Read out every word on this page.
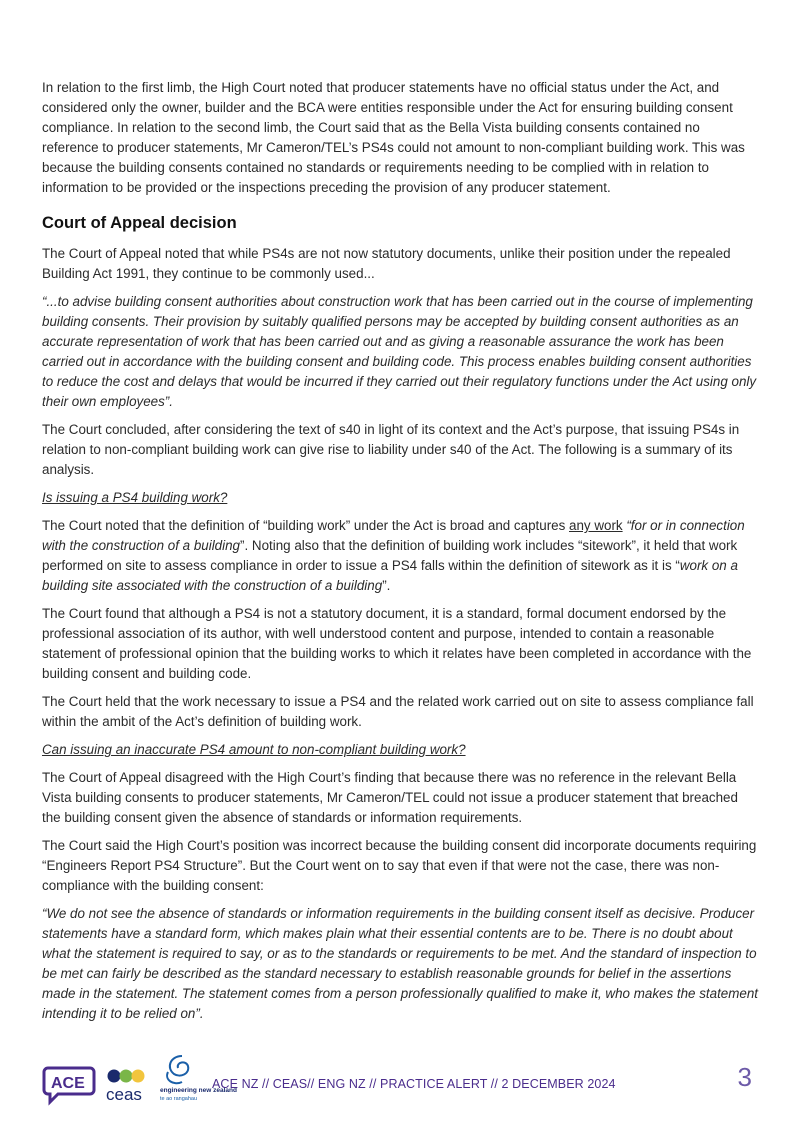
In relation to the first limb, the High Court noted that producer statements have no official status under the Act, and considered only the owner, builder and the BCA were entities responsible under the Act for ensuring building consent compliance. In relation to the second limb, the Court said that as the Bella Vista building consents contained no reference to producer statements, Mr Cameron/TEL’s PS4s could not amount to non-compliant building work. This was because the building consents contained no standards or requirements needing to be complied with in relation to information to be provided or the inspections preceding the provision of any producer statement.

Court of Appeal decision

The Court of Appeal noted that while PS4s are not now statutory documents, unlike their position under the repealed Building Act 1991, they continue to be commonly used...

“...to advise building consent authorities about construction work that has been carried out in the course of implementing building consents. Their provision by suitably qualified persons may be accepted by building consent authorities as an accurate representation of work that has been carried out and as giving a reasonable assurance the work has been carried out in accordance with the building consent and building code. This process enables building consent authorities to reduce the cost and delays that would be incurred if they carried out their regulatory functions under the Act using only their own employees”.

The Court concluded, after considering the text of s40 in light of its context and the Act’s purpose, that issuing PS4s in relation to non-compliant building work can give rise to liability under s40 of the Act. The following is a summary of its analysis.

Is issuing a PS4 building work?

The Court noted that the definition of “building work” under the Act is broad and captures any work “for or in connection with the construction of a building”. Noting also that the definition of building work includes “sitework”, it held that work performed on site to assess compliance in order to issue a PS4 falls within the definition of sitework as it is “work on a building site associated with the construction of a building”.

The Court found that although a PS4 is not a statutory document, it is a standard, formal document endorsed by the professional association of its author, with well understood content and purpose, intended to contain a reasonable statement of professional opinion that the building works to which it relates have been completed in accordance with the building consent and building code.

The Court held that the work necessary to issue a PS4 and the related work carried out on site to assess compliance fall within the ambit of the Act’s definition of building work.

Can issuing an inaccurate PS4 amount to non-compliant building work?

The Court of Appeal disagreed with the High Court’s finding that because there was no reference in the relevant Bella Vista building consents to producer statements, Mr Cameron/TEL could not issue a producer statement that breached the building consent given the absence of standards or information requirements.

The Court said the High Court’s position was incorrect because the building consent did incorporate documents requiring “Engineers Report PS4 Structure”. But the Court went on to say that even if that were not the case, there was non-compliance with the building consent:

“We do not see the absence of standards or information requirements in the building consent itself as decisive. Producer statements have a standard form, which makes plain what their essential contents are to be. There is no doubt about what the statement is required to say, or as to the standards or requirements to be met. And the standard of inspection to be met can fairly be described as the standard necessary to establish reasonable grounds for belief in the assertions made in the statement. The statement comes from a person professionally qualified to make it, who makes the statement intending it to be relied on”.

ACE
ceas	engineering new zealand
te ao rangahau
ACE NZ // CEAS// ENG NZ // PRACTICE ALERT // 2 DECEMBER 2024	3
